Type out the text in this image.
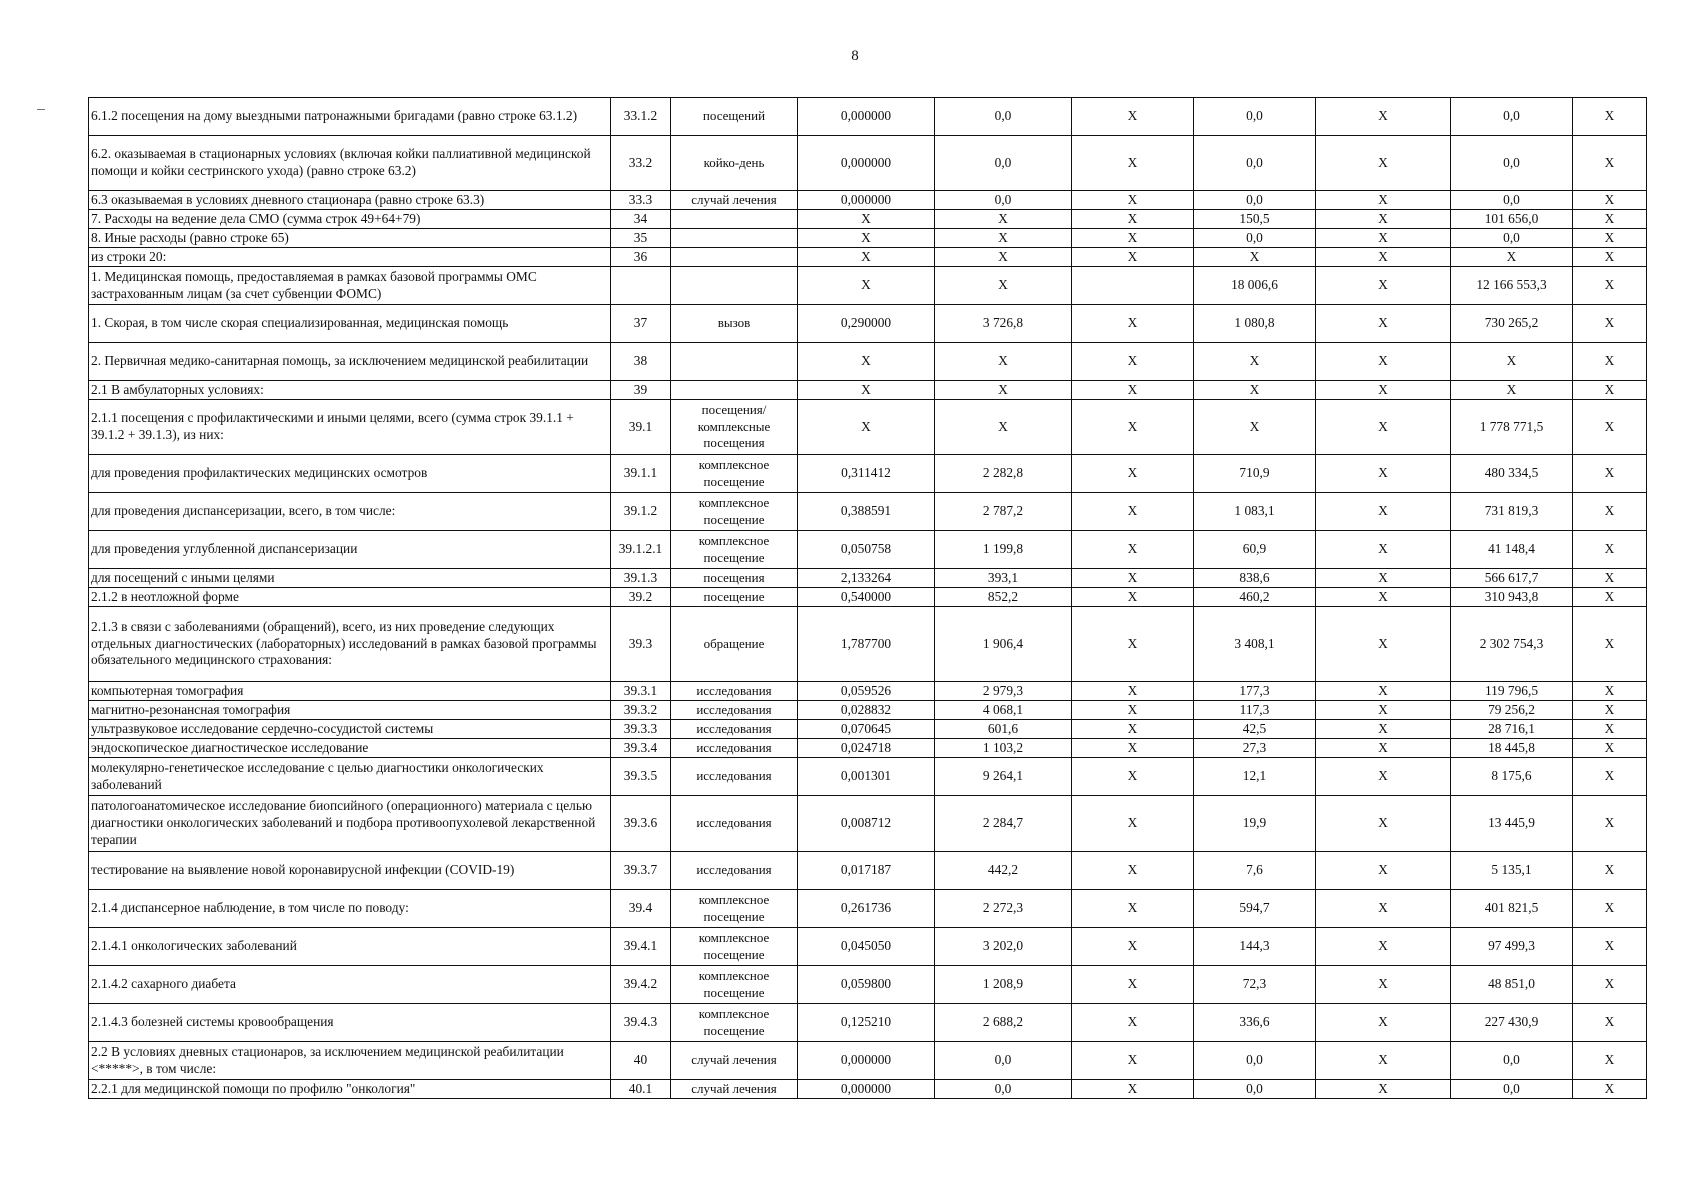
8
6.1.2 посещения на дому выездными патронажными бригадами (равно строке 63.1.2)	33.1.2	посещений	0,000000	0,0	X	0,0	X	0,0	X
6.2. оказываемая в стационарных условиях (включая койки паллиативной медицинской помощи и койки сестринского ухода) (равно строке 63.2)	33.2	койко-день	0,000000	0,0	X	0,0	X	0,0	X
6.3 оказываемая в условиях дневного стационара (равно строке 63.3)	33.3	случай лечения	0,000000	0,0	X	0,0	X	0,0	X
7. Расходы на ведение дела СМО (сумма строк 49+64+79)	34		X	X	X	150,5	X	101 656,0	X
8. Иные расходы (равно строке 65)	35		X	X	X	0,0	X	0,0	X
из строки 20:	36		X	X	X	X	X	X	X
1. Медицинская помощь, предоставляемая в рамках базовой программы ОМС застрахованным лицам (за счет субвенции ФОМС)			X	X		18 006,6	X	12 166 553,3	X
1. Скорая, в том числе скорая специализированная, медицинская помощь	37	вызов	0,290000	3 726,8	X	1 080,8	X	730 265,2	X
2. Первичная медико-санитарная помощь, за исключением медицинской реабилитации	38		X	X	X	X	X	X	X
2.1 В амбулаторных условиях:	39		X	X	X	X	X	X	X
2.1.1 посещения с профилактическими и иными целями, всего (сумма строк 39.1.1 + 39.1.2 + 39.1.3), из них:	39.1	посещения/комплексные посещения	X	X	X	X	X	1 778 771,5	X
для проведения профилактических медицинских осмотров	39.1.1	комплексное посещение	0,311412	2 282,8	X	710,9	X	480 334,5	X
для проведения диспансеризации, всего, в том числе:	39.1.2	комплексное посещение	0,388591	2 787,2	X	1 083,1	X	731 819,3	X
для проведения углубленной диспансеризации	39.1.2.1	комплексное посещение	0,050758	1 199,8	X	60,9	X	41 148,4	X
для посещений с иными целями	39.1.3	посещения	2,133264	393,1	X	838,6	X	566 617,7	X
2.1.2 в неотложной форме	39.2	посещение	0,540000	852,2	X	460,2	X	310 943,8	X
2.1.3 в связи с заболеваниями (обращений), всего, из них проведение следующих отдельных диагностических (лабораторных) исследований в рамках базовой программы обязательного медицинского страхования:	39.3	обращение	1,787700	1 906,4	X	3 408,1	X	2 302 754,3	X
компьютерная томография	39.3.1	исследования	0,059526	2 979,3	X	177,3	X	119 796,5	X
магнитно-резонансная томография	39.3.2	исследования	0,028832	4 068,1	X	117,3	X	79 256,2	X
ультразвуковое исследование сердечно-сосудистой системы	39.3.3	исследования	0,070645	601,6	X	42,5	X	28 716,1	X
эндоскопическое диагностическое исследование	39.3.4	исследования	0,024718	1 103,2	X	27,3	X	18 445,8	X
молекулярно-генетическое исследование с целью диагностики онкологических заболеваний	39.3.5	исследования	0,001301	9 264,1	X	12,1	X	8 175,6	X
патологоанатомическое исследование биопсийного (операционного) материала с целью диагностики онкологических заболеваний и подбора противоопухолевой лекарственной терапии	39.3.6	исследования	0,008712	2 284,7	X	19,9	X	13 445,9	X
тестирование на выявление новой коронавирусной инфекции (COVID-19)	39.3.7	исследования	0,017187	442,2	X	7,6	X	5 135,1	X
2.1.4 диспансерное наблюдение, в том числе по поводу:	39.4	комплексное посещение	0,261736	2 272,3	X	594,7	X	401 821,5	X
2.1.4.1 онкологических заболеваний	39.4.1	комплексное посещение	0,045050	3 202,0	X	144,3	X	97 499,3	X
2.1.4.2 сахарного диабета	39.4.2	комплексное посещение	0,059800	1 208,9	X	72,3	X	48 851,0	X
2.1.4.3 болезней системы кровообращения	39.4.3	комплексное посещение	0,125210	2 688,2	X	336,6	X	227 430,9	X
2.2 В условиях дневных стационаров, за исключением медицинской реабилитации <*****>, в том числе:	40	случай лечения	0,000000	0,0	X	0,0	X	0,0	X
2.2.1 для медицинской помощи по профилю "онкология"	40.1	случай лечения	0,000000	0,0	X	0,0	X	0,0	X
